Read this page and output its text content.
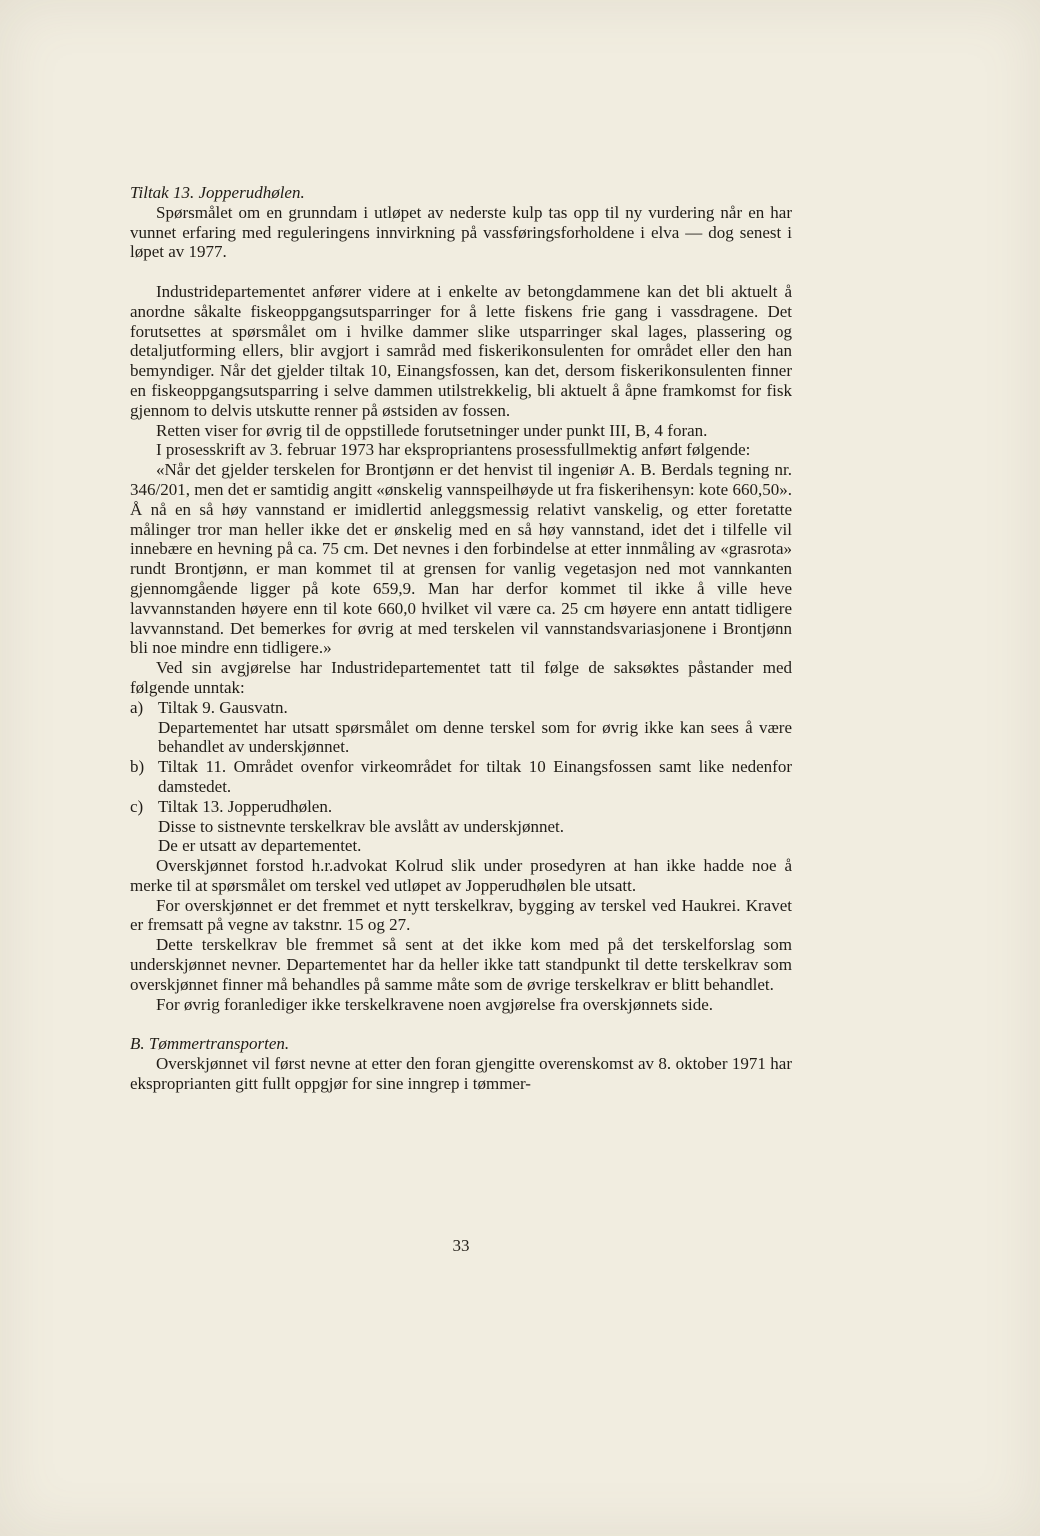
Tiltak 13. Jopperudhølen.

Spørsmålet om en grunndam i utløpet av nederste kulp tas opp til ny vurdering når en har vunnet erfaring med reguleringens innvirkning på vassføringsforholdene i elva — dog senest i løpet av 1977.

Industridepartementet anfører videre at i enkelte av betongdammene kan det bli aktuelt å anordne såkalte fiskeoppgangsutsparringer for å lette fiskens frie gang i vassdragene. Det forutsettes at spørsmålet om i hvilke dammer slike utsparringer skal lages, plassering og detaljutforming ellers, blir avgjort i samråd med fiskerikonsulenten for området eller den han bemyndiger. Når det gjelder tiltak 10, Einangsfossen, kan det, dersom fiskerikonsulenten finner en fiskeoppgangsutsparring i selve dammen utilstrekkelig, bli aktuelt å åpne framkomst for fisk gjennom to delvis utskutte renner på østsiden av fossen.

Retten viser for øvrig til de oppstillede forutsetninger under punkt III, B, 4 foran.

I prosesskrift av 3. februar 1973 har ekspropriantens prosessfullmektig anført følgende:

«Når det gjelder terskelen for Brontjønn er det henvist til ingeniør A. B. Berdals tegning nr. 346/201, men det er samtidig angitt «ønskelig vannspeilhøyde ut fra fiskerihensyn: kote 660,50». Å nå en så høy vannstand er imidlertid anleggsmessig relativt vanskelig, og etter foretatte målinger tror man heller ikke det er ønskelig med en så høy vannstand, idet det i tilfelle vil innebære en hevning på ca. 75 cm. Det nevnes i den forbindelse at etter innmåling av «grasrota» rundt Brontjønn, er man kommet til at grensen for vanlig vegetasjon ned mot vannkanten gjennomgående ligger på kote 659,9. Man har derfor kommet til ikke å ville heve lavvannstanden høyere enn til kote 660,0 hvilket vil være ca. 25 cm høyere enn antatt tidligere lavvannstand. Det bemerkes for øvrig at med terskelen vil vannstandsvariasjonene i Brontjønn bli noe mindre enn tidligere.»

Ved sin avgjørelse har Industridepartementet tatt til følge de saksøktes påstander med følgende unntak:

a) Tiltak 9. Gausvatn.

Departementet har utsatt spørsmålet om denne terskel som for øvrig ikke kan sees å være behandlet av underskjønnet.

b) Tiltak 11. Området ovenfor virkeområdet for tiltak 10 Einangsfossen samt like nedenfor damstedet.

c) Tiltak 13. Jopperudhølen.

Disse to sistnevnte terskelkrav ble avslått av underskjønnet.

De er utsatt av departementet.

Overskjønnet forstod h.r.advokat Kolrud slik under prosedyren at han ikke hadde noe å merke til at spørsmålet om terskel ved utløpet av Jopperudhølen ble utsatt.

For overskjønnet er det fremmet et nytt terskelkrav, bygging av terskel ved Haukrei. Kravet er fremsatt på vegne av takstnr. 15 og 27.

Dette terskelkrav ble fremmet så sent at det ikke kom med på det terskelforslag som underskjønnet nevner. Departementet har da heller ikke tatt standpunkt til dette terskelkrav som overskjønnet finner må behandles på samme måte som de øvrige terskelkrav er blitt behandlet.

For øvrig foranlediger ikke terskelkravene noen avgjørelse fra overskjønnets side.

B. Tømmertransporten.

Overskjønnet vil først nevne at etter den foran gjengitte overenskomst av 8. oktober 1971 har eksproprianten gitt fullt oppgjør for sine inngrep i tømmer-

33
